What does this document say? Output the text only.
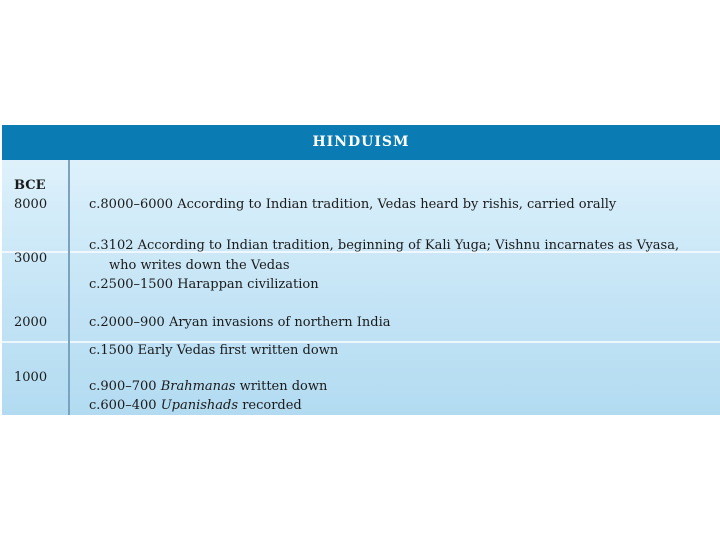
HINDUISM
BCE
8000
3000
2000
1000
c.8000–6000 According to Indian tradition, Vedas heard by rishis, carried orally
c.3102 According to Indian tradition, beginning of Kali Yuga; Vishnu incarnates as Vyasa,
who writes down the Vedas
c.2500–1500 Harappan civilization
c.2000–900 Aryan invasions of northern India
c.1500 Early Vedas first written down
c.900–700 Brahmanas written down
c.600–400 Upanishads recorded
